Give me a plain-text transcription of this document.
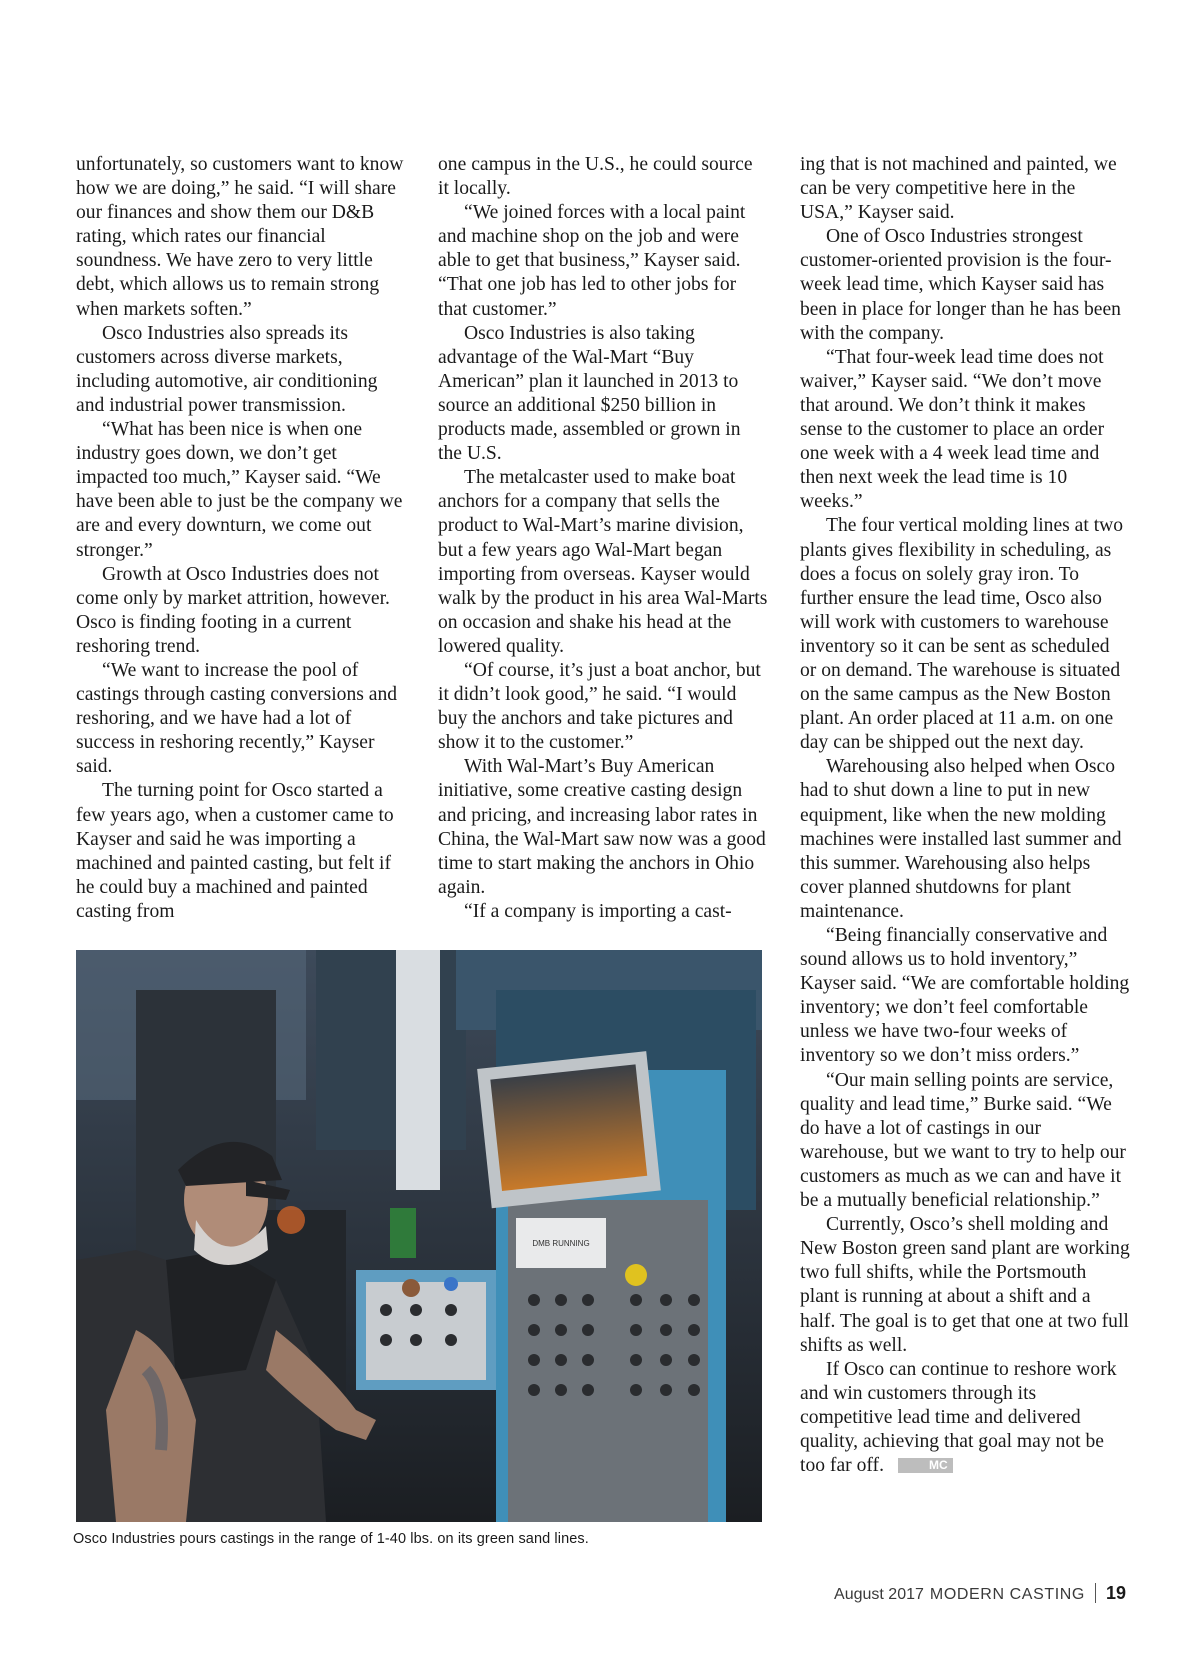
unfortunately, so customers want to know how we are doing,” he said. “I will share our finances and show them our D&B rating, which rates our financial soundness. We have zero to very little debt, which allows us to remain strong when markets soften.”

Osco Industries also spreads its customers across diverse markets, including automotive, air conditioning and industrial power transmission.

“What has been nice is when one industry goes down, we don’t get impacted too much,” Kayser said. “We have been able to just be the company we are and every downturn, we come out stronger.”

Growth at Osco Industries does not come only by market attrition, however. Osco is finding footing in a current reshoring trend.

“We want to increase the pool of castings through casting conversions and reshoring, and we have had a lot of success in reshoring recently,” Kayser said.

The turning point for Osco started a few years ago, when a customer came to Kayser and said he was importing a machined and painted casting, but felt if he could buy a machined and painted casting from

one campus in the U.S., he could source it locally.

“We joined forces with a local paint and machine shop on the job and were able to get that business,” Kayser said. “That one job has led to other jobs for that customer.”

Osco Industries is also taking advantage of the Wal-Mart “Buy American” plan it launched in 2013 to source an additional $250 billion in products made, assembled or grown in the U.S.

The metalcaster used to make boat anchors for a company that sells the product to Wal-Mart’s marine division, but a few years ago Wal-Mart began importing from overseas. Kayser would walk by the product in his area Wal-Marts on occasion and shake his head at the lowered quality.

“Of course, it’s just a boat anchor, but it didn’t look good,” he said. “I would buy the anchors and take pictures and show it to the customer.”

With Wal-Mart’s Buy American initiative, some creative casting design and pricing, and increasing labor rates in China, the Wal-Mart saw now was a good time to start making the anchors in Ohio again.

“If a company is importing a cast-

ing that is not machined and painted, we can be very competitive here in the USA,” Kayser said.

One of Osco Industries strongest customer-oriented provision is the four-week lead time, which Kayser said has been in place for longer than he has been with the company.

“That four-week lead time does not waiver,” Kayser said. “We don’t move that around. We don’t think it makes sense to the customer to place an order one week with a 4 week lead time and then next week the lead time is 10 weeks.”

The four vertical molding lines at two plants gives flexibility in scheduling, as does a focus on solely gray iron. To further ensure the lead time, Osco also will work with customers to warehouse inventory so it can be sent as scheduled or on demand. The warehouse is situated on the same campus as the New Boston plant. An order placed at 11 a.m. on one day can be shipped out the next day.

Warehousing also helped when Osco had to shut down a line to put in new equipment, like when the new molding machines were installed last summer and this summer. Warehousing also helps cover planned shutdowns for plant maintenance.

“Being financially conservative and sound allows us to hold inventory,” Kayser said. “We are comfortable holding inventory; we don’t feel comfortable unless we have two-four weeks of inventory so we don’t miss orders.”

“Our main selling points are service, quality and lead time,” Burke said. “We do have a lot of castings in our warehouse, but we want to try to help our customers as much as we can and have it be a mutually beneficial relationship.”

Currently, Osco’s shell molding and New Boston green sand plant are working two full shifts, while the Portsmouth plant is running at about a shift and a half. The goal is to get that one at two full shifts as well.

If Osco can continue to reshore work and win customers through its competitive lead time and delivered quality, achieving that goal may not be too far off.	MC

DMB RUNNING
Osco Industries pours castings in the range of 1-40 lbs. on its green sand lines.
August 2017 MODERN CASTING 19
